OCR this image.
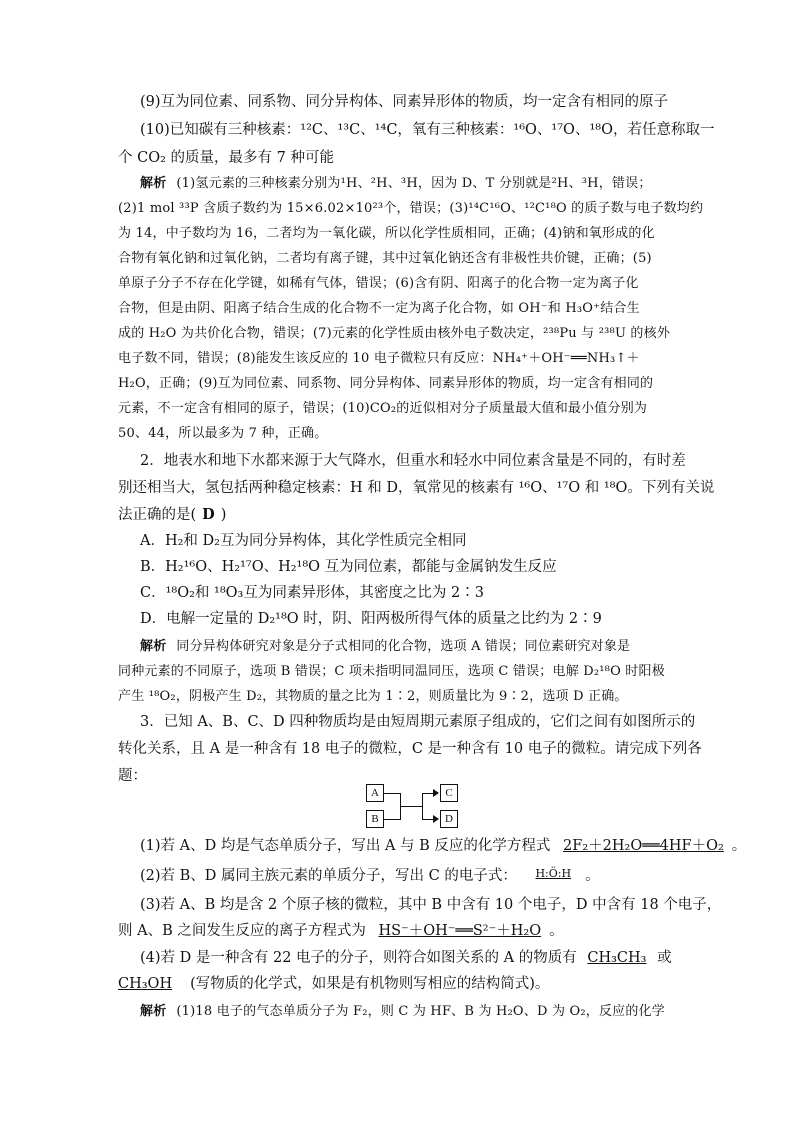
(9)互为同位素、同系物、同分异构体、同素异形体的物质，均一定含有相同的原子
(10)已知碳有三种核素：¹²C、¹³C、¹⁴C，氧有三种核素：¹⁶O、¹⁷O、¹⁸O，若任意称取一
个 CO₂ 的质量，最多有 7 种可能
解析 (1)氢元素的三种核素分别为¹H、²H、³H，因为 D、T 分别就是²H、³H，错误；
(2)1 mol ³³P 含质子数约为 15×6.02×10²³个，错误；(3)¹⁴C¹⁶O、¹²C¹⁸O 的质子数与电子数均约
为 14，中子数均为 16，二者均为一氧化碳，所以化学性质相同，正确；(4)钠和氧形成的化
合物有氧化钠和过氧化钠，二者均有离子键，其中过氧化钠还含有非极性共价键，正确；(5)
单原子分子不存在化学键，如稀有气体，错误；(6)含有阴、阳离子的化合物一定为离子化
合物，但是由阴、阳离子结合生成的化合物不一定为离子化合物，如 OH⁻和 H₃O⁺结合生
成的 H₂O 为共价化合物，错误；(7)元素的化学性质由核外电子数决定，²³⁸Pu 与 ²³⁸U 的核外
电子数不同，错误；(8)能发生该反应的 10 电子微粒只有反应：NH₄⁺＋OH⁻══NH₃↑＋
H₂O，正确；(9)互为同位素、同系物、同分异构体、同素异形体的物质，均一定含有相同的
元素，不一定含有相同的原子，错误；(10)CO₂的近似相对分子质量最大值和最小值分别为
50、44，所以最多为 7 种，正确。
2．地表水和地下水都来源于大气降水，但重水和轻水中同位素含量是不同的，有时差
别还相当大，氢包括两种稳定核素：H 和 D，氧常见的核素有 ¹⁶O、¹⁷O 和 ¹⁸O。下列有关说
法正确的是( D )
A．H₂和 D₂互为同分异构体，其化学性质完全相同
B．H₂¹⁶O、H₂¹⁷O、H₂¹⁸O 互为同位素，都能与金属钠发生反应
C．¹⁸O₂和 ¹⁸O₃互为同素异形体，其密度之比为 2∶3
D．电解一定量的 D₂¹⁸O 时，阴、阳两极所得气体的质量之比约为 2∶9
解析 同分异构体研究对象是分子式相同的化合物，选项 A 错误；同位素研究对象是
同种元素的不同原子，选项 B 错误；C 项未指明同温同压，选项 C 错误；电解 D₂¹⁸O 时阳极
产生 ¹⁸O₂，阴极产生 D₂，其物质的量之比为 1∶2，则质量比为 9∶2，选项 D 正确。
3．已知 A、B、C、D 四种物质均是由短周期元素原子组成的，它们之间有如图所示的
转化关系，且 A 是一种含有 18 电子的微粒，C 是一种含有 10 电子的微粒。请完成下列各
题：
A
B
C
D
(1)若 A、D 均是气态单质分子，写出 A 与 B 反应的化学方程式 2F₂＋2H₂O══4HF＋O₂ 。
(2)若 B、D 属同主族元素的单质分子，写出 C 的电子式： $^{H:Ö:H}$ 。
(3)若 A、B 均是含 2 个原子核的微粒，其中 B 中含有 10 个电子，D 中含有 18 个电子，
则 A、B 之间发生反应的离子方程式为 HS⁻＋OH⁻══S²⁻＋H₂O 。
(4)若 D 是一种含有 22 电子的分子，则符合如图关系的 A 的物质有 CH₃CH₃ 或
CH₃OH (写物质的化学式，如果是有机物则写相应的结构简式)。
解析 (1)18 电子的气态单质分子为 F₂，则 C 为 HF、B 为 H₂O、D 为 O₂，反应的化学
